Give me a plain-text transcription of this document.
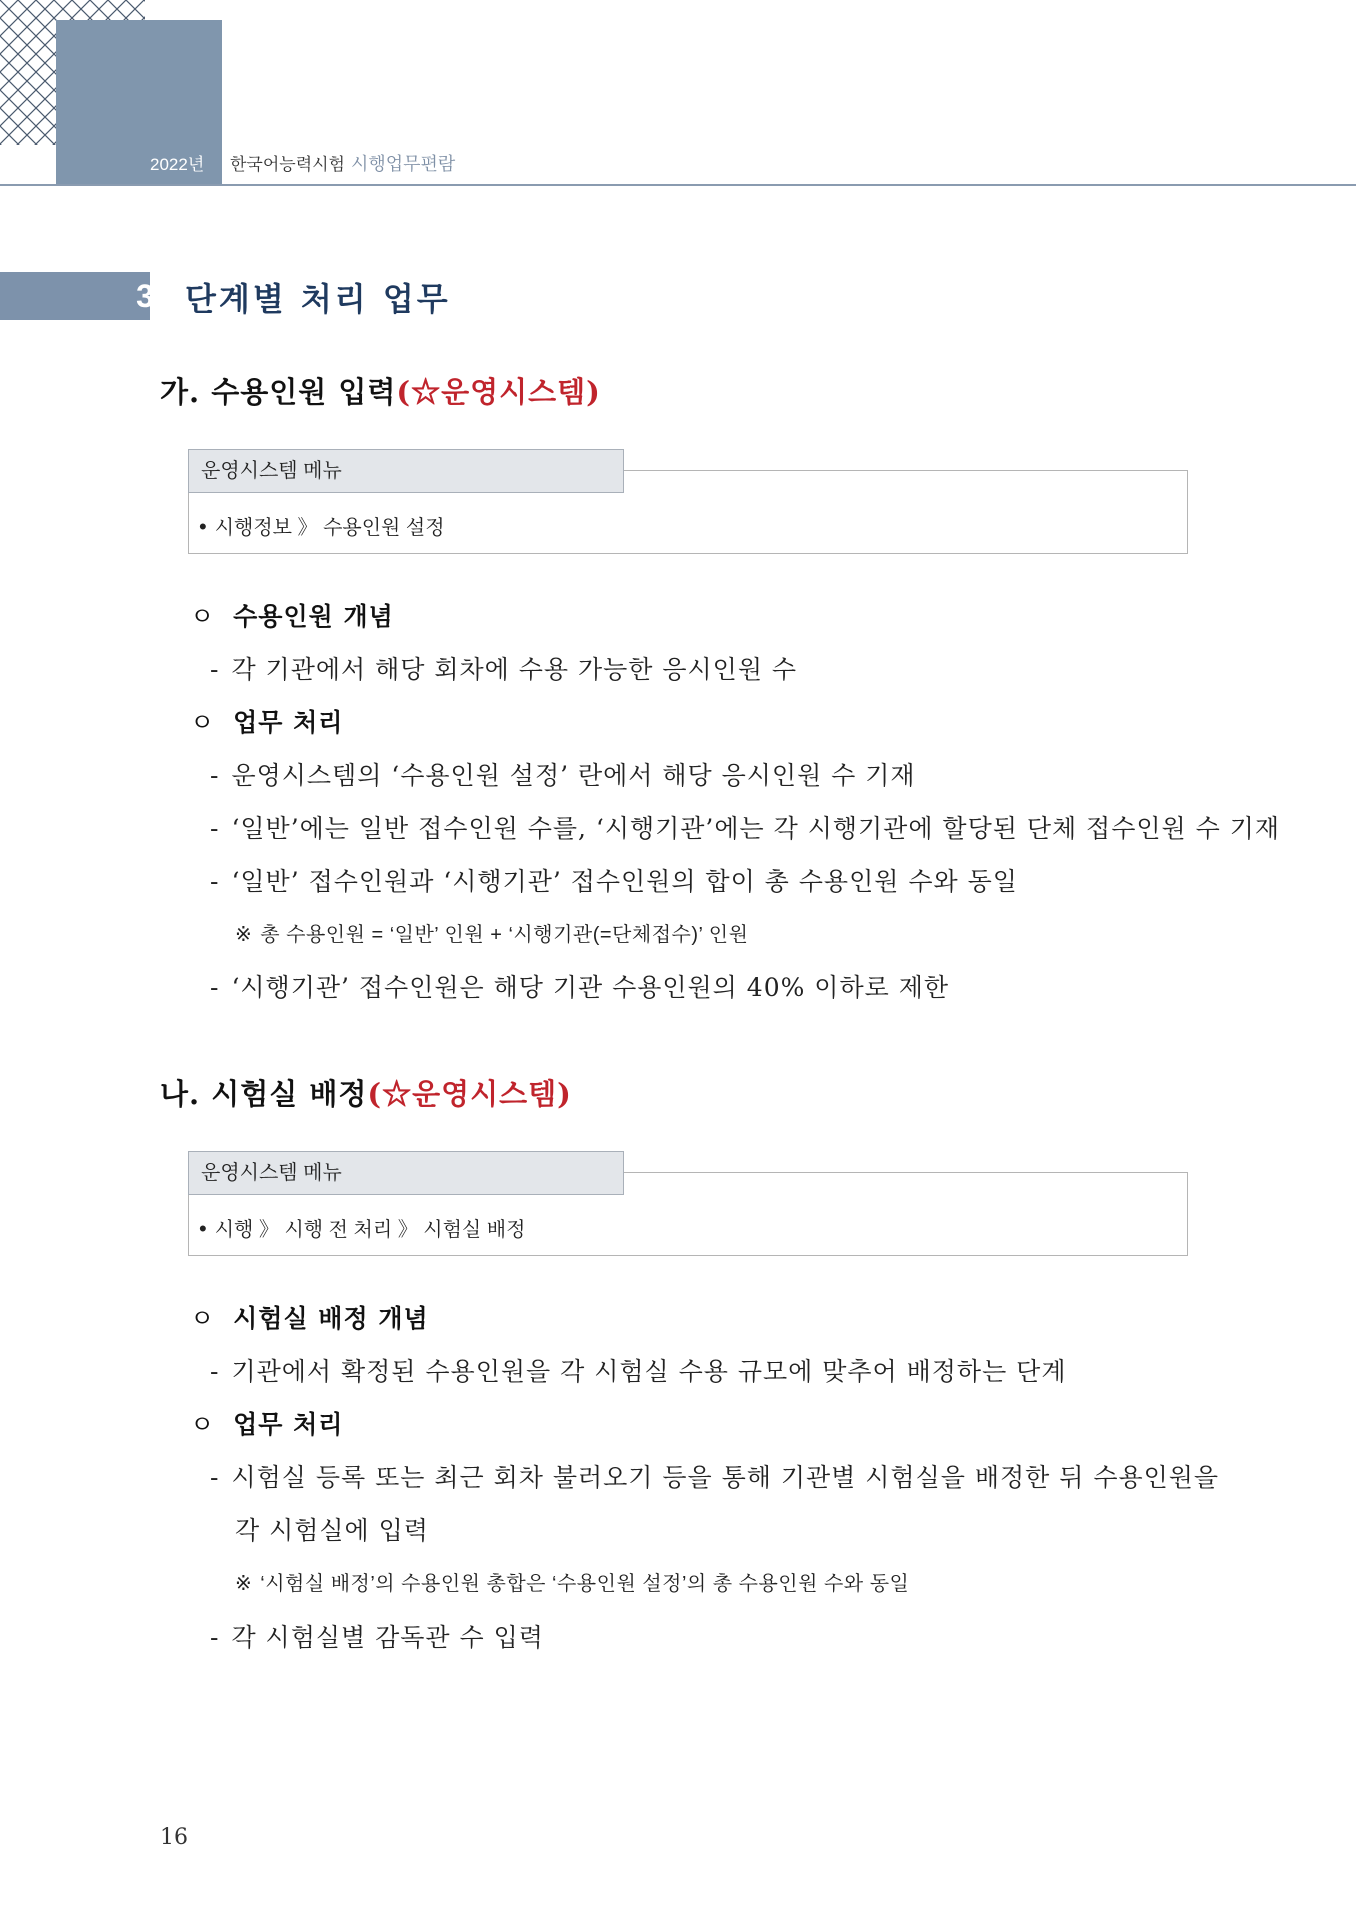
2022년 한국어능력시험 시행업무편람
3 단계별 처리 업무
가. 수용인원 입력(☆운영시스템)
운영시스템 메뉴
• 시행정보 》 수용인원 설정
ㅇ 수용인원 개념
- 각 기관에서 해당 회차에 수용 가능한 응시인원 수
ㅇ 업무 처리
- 운영시스템의 ‘수용인원 설정’ 란에서 해당 응시인원 수 기재
- ‘일반’에는 일반 접수인원 수를, ‘시행기관’에는 각 시행기관에 할당된 단체 접수인원 수 기재
- ‘일반’ 접수인원과 ‘시행기관’ 접수인원의 합이 총 수용인원 수와 동일
※ 총 수용인원 = ‘일반’ 인원 + ‘시행기관(=단체접수)’ 인원
- ‘시행기관’ 접수인원은 해당 기관 수용인원의 40% 이하로 제한
나. 시험실 배정(☆운영시스템)
운영시스템 메뉴
• 시행 》 시행 전 처리 》 시험실 배정
ㅇ 시험실 배정 개념
- 기관에서 확정된 수용인원을 각 시험실 수용 규모에 맞추어 배정하는 단계
ㅇ 업무 처리
- 시험실 등록 또는 최근 회차 불러오기 등을 통해 기관별 시험실을 배정한 뒤 수용인원을
각 시험실에 입력
※ ‘시험실 배정’의 수용인원 총합은 ‘수용인원 설정’의 총 수용인원 수와 동일
- 각 시험실별 감독관 수 입력
16
